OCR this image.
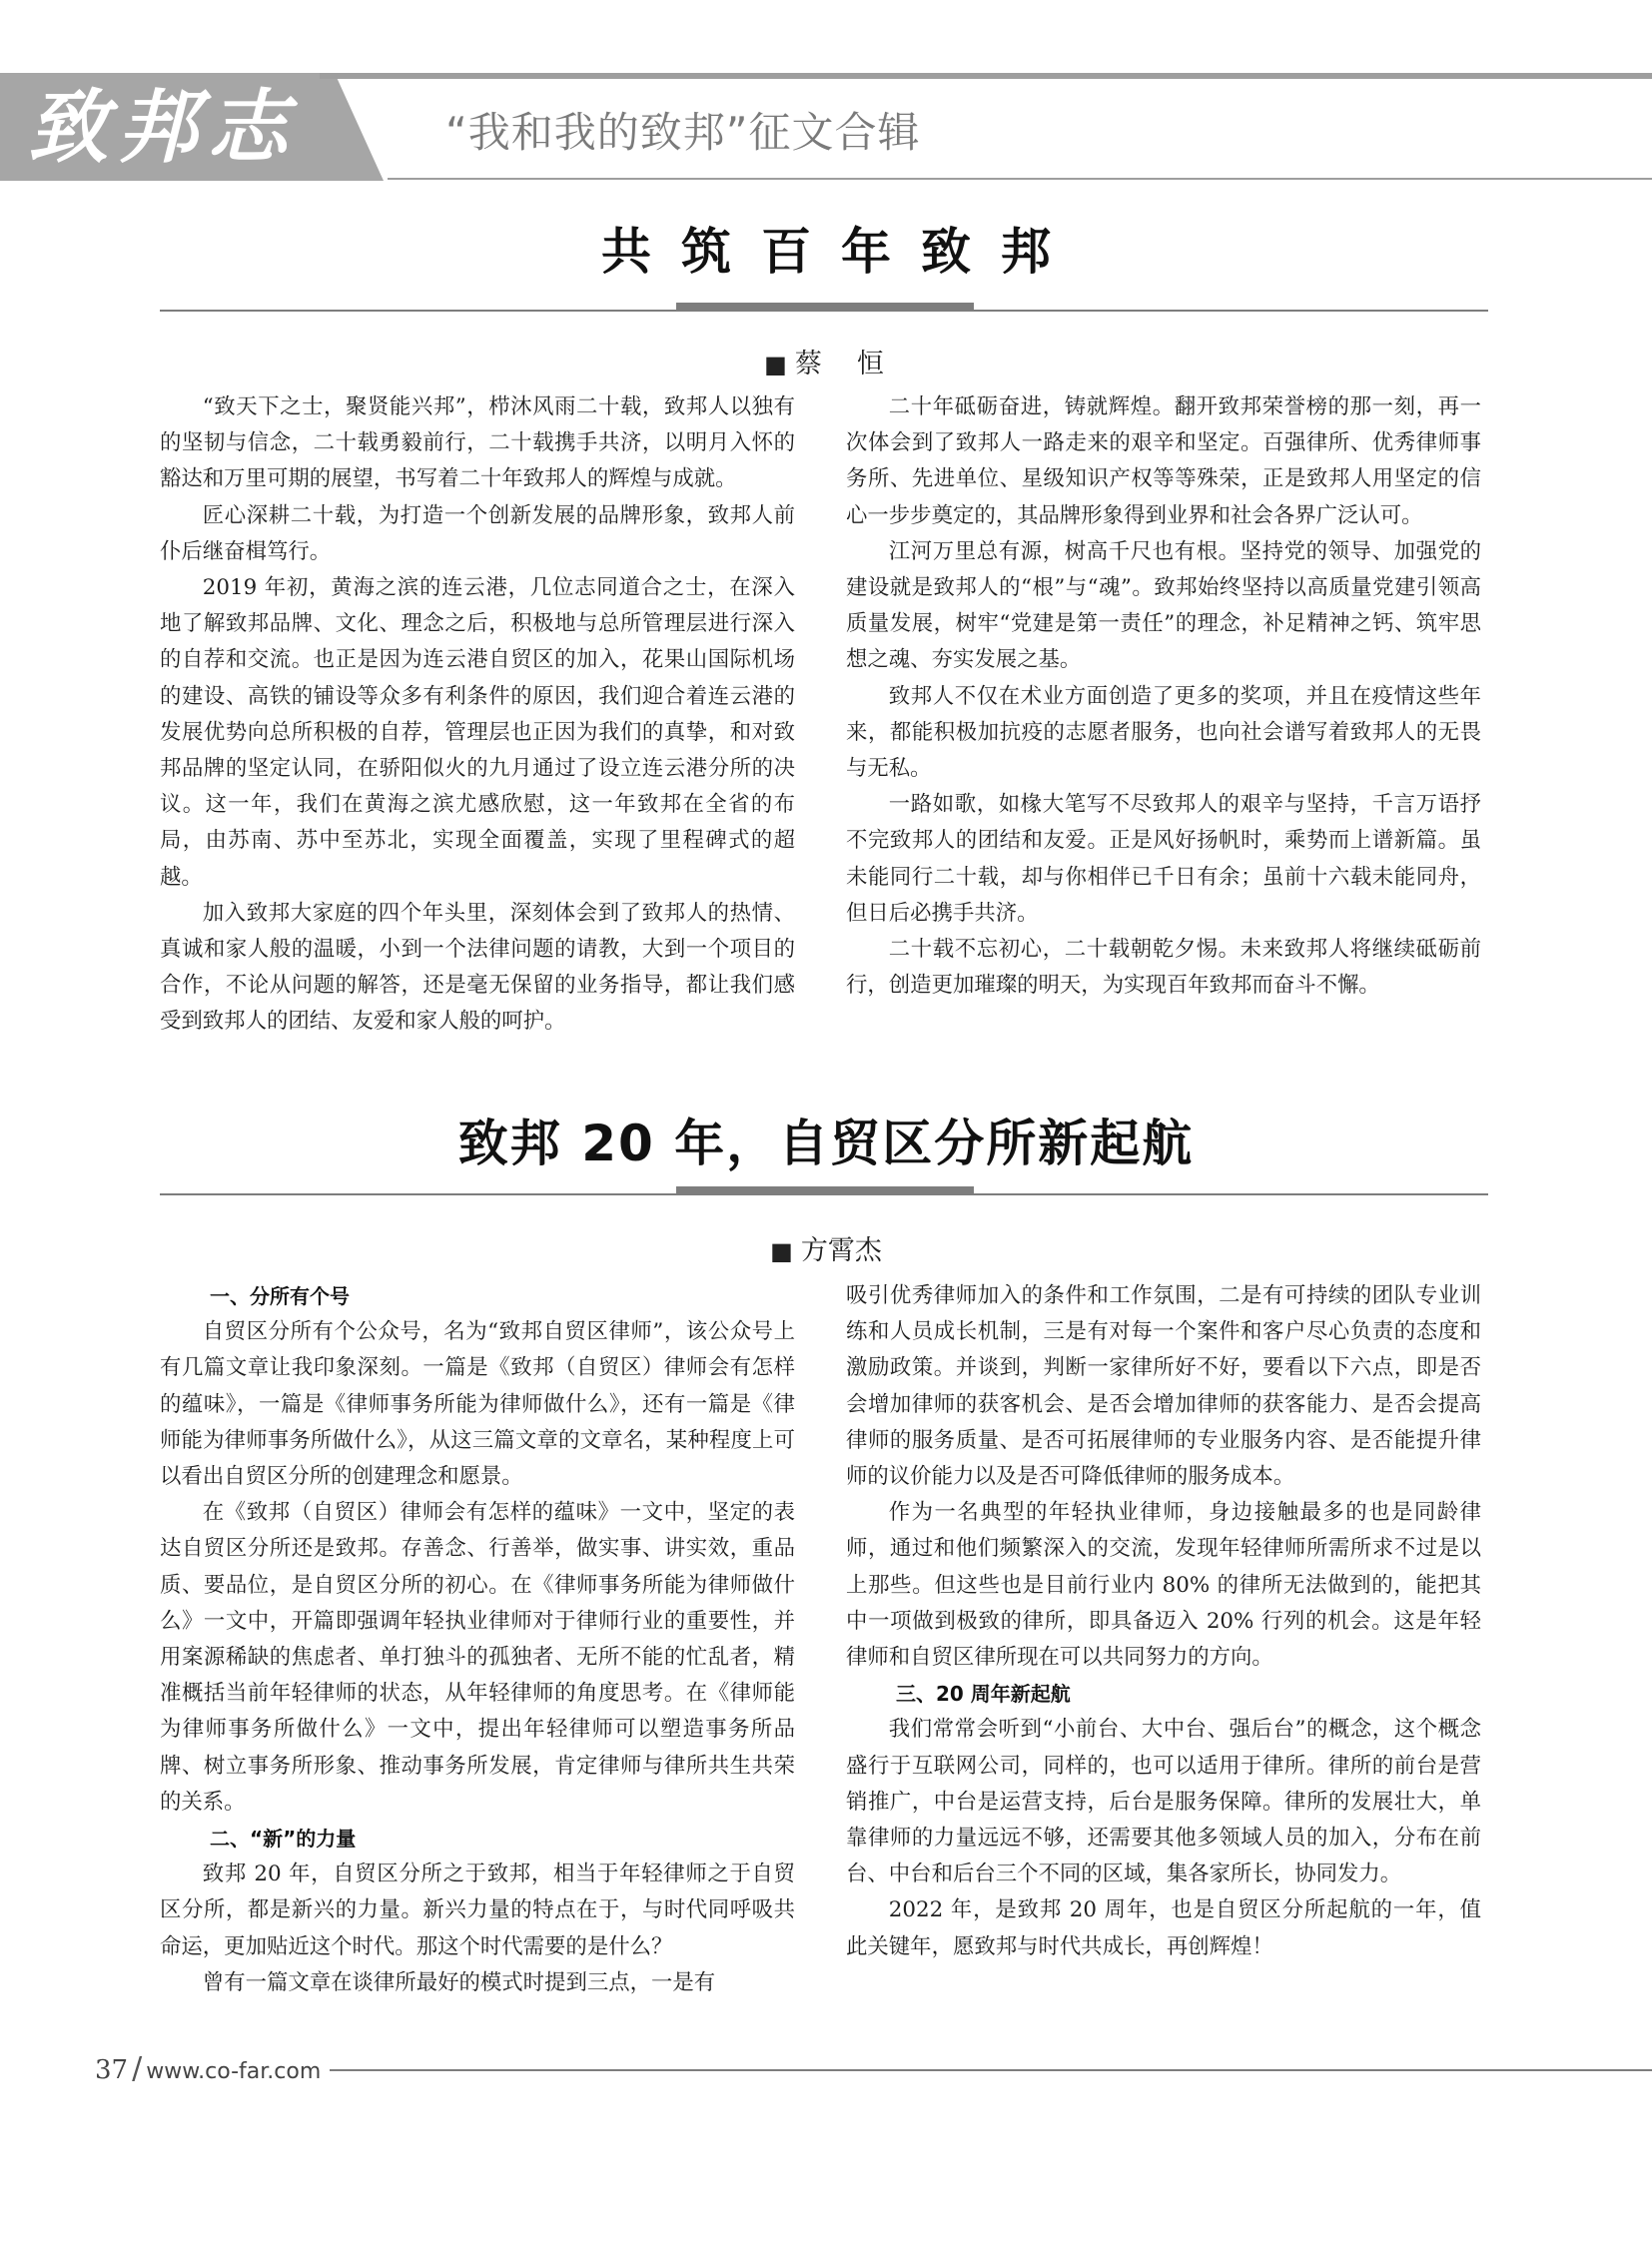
致邦志	“我和我的致邦”征文合辑
共筑百年致邦
■ 蔡　恒

“致天下之士，聚贤能兴邦”，栉沐风雨二十载，致邦人以独有的坚韧与信念，二十载勇毅前行，二十载携手共济，以明月入怀的豁达和万里可期的展望，书写着二十年致邦人的辉煌与成就。

匠心深耕二十载，为打造一个创新发展的品牌形象，致邦人前仆后继奋楫笃行。

2019 年初，黄海之滨的连云港，几位志同道合之士，在深入地了解致邦品牌、文化、理念之后，积极地与总所管理层进行深入的自荐和交流。也正是因为连云港自贸区的加入，花果山国际机场的建设、高铁的铺设等众多有利条件的原因，我们迎合着连云港的发展优势向总所积极的自荐，管理层也正因为我们的真挚，和对致邦品牌的坚定认同，在骄阳似火的九月通过了设立连云港分所的决议。这一年，我们在黄海之滨尤感欣慰，这一年致邦在全省的布局，由苏南、苏中至苏北，实现全面覆盖，实现了里程碑式的超越。

加入致邦大家庭的四个年头里，深刻体会到了致邦人的热情、真诚和家人般的温暖，小到一个法律问题的请教，大到一个项目的合作，不论从问题的解答，还是毫无保留的业务指导，都让我们感受到致邦人的团结、友爱和家人般的呵护。

二十年砥砺奋进，铸就辉煌。翻开致邦荣誉榜的那一刻，再一次体会到了致邦人一路走来的艰辛和坚定。百强律所、优秀律师事务所、先进单位、星级知识产权等等殊荣，正是致邦人用坚定的信心一步步奠定的，其品牌形象得到业界和社会各界广泛认可。

江河万里总有源，树高千尺也有根。坚持党的领导、加强党的建设就是致邦人的“根”与“魂”。致邦始终坚持以高质量党建引领高质量发展，树牢“党建是第一责任”的理念，补足精神之钙、筑牢思想之魂、夯实发展之基。

致邦人不仅在术业方面创造了更多的奖项，并且在疫情这些年来，都能积极加抗疫的志愿者服务，也向社会谱写着致邦人的无畏与无私。

一路如歌，如椽大笔写不尽致邦人的艰辛与坚持，千言万语抒不完致邦人的团结和友爱。正是风好扬帆时，乘势而上谱新篇。虽未能同行二十载，却与你相伴已千日有余；虽前十六载未能同舟，但日后必携手共济。

二十载不忘初心，二十载朝乾夕惕。未来致邦人将继续砥砺前行，创造更加璀璨的明天，为实现百年致邦而奋斗不懈。

致邦 20 年，自贸区分所新起航
■ 方霄杰
一、分所有个号

自贸区分所有个公众号，名为“致邦自贸区律师”，该公众号上有几篇文章让我印象深刻。一篇是《致邦（自贸区）律师会有怎样的蕴味》，一篇是《律师事务所能为律师做什么》，还有一篇是《律师能为律师事务所做什么》，从这三篇文章的文章名，某种程度上可以看出自贸区分所的创建理念和愿景。

在《致邦（自贸区）律师会有怎样的蕴味》一文中，坚定的表达自贸区分所还是致邦。存善念、行善举，做实事、讲实效，重品质、要品位，是自贸区分所的初心。在《律师事务所能为律师做什么》一文中，开篇即强调年轻执业律师对于律师行业的重要性，并用案源稀缺的焦虑者、单打独斗的孤独者、无所不能的忙乱者，精准概括当前年轻律师的状态，从年轻律师的角度思考。在《律师能为律师事务所做什么》一文中，提出年轻律师可以塑造事务所品牌、树立事务所形象、推动事务所发展，肯定律师与律所共生共荣的关系。

二、“新”的力量

致邦 20 年，自贸区分所之于致邦，相当于年轻律师之于自贸区分所，都是新兴的力量。新兴力量的特点在于，与时代同呼吸共命运，更加贴近这个时代。那这个时代需要的是什么？

曾有一篇文章在谈律所最好的模式时提到三点，一是有

吸引优秀律师加入的条件和工作氛围，二是有可持续的团队专业训练和人员成长机制，三是有对每一个案件和客户尽心负责的态度和激励政策。并谈到，判断一家律所好不好，要看以下六点，即是否会增加律师的获客机会、是否会增加律师的获客能力、是否会提高律师的服务质量、是否可拓展律师的专业服务内容、是否能提升律师的议价能力以及是否可降低律师的服务成本。

作为一名典型的年轻执业律师，身边接触最多的也是同龄律师，通过和他们频繁深入的交流，发现年轻律师所需所求不过是以上那些。但这些也是目前行业内 80% 的律所无法做到的，能把其中一项做到极致的律所，即具备迈入 20% 行列的机会。这是年轻律师和自贸区律所现在可以共同努力的方向。

三、20 周年新起航

我们常常会听到“小前台、大中台、强后台”的概念，这个概念盛行于互联网公司，同样的，也可以适用于律所。律所的前台是营销推广，中台是运营支持，后台是服务保障。律所的发展壮大，单靠律师的力量远远不够，还需要其他多领域人员的加入，分布在前台、中台和后台三个不同的区域，集各家所长，协同发力。

2022 年，是致邦 20 周年，也是自贸区分所起航的一年，值此关键年，愿致邦与时代共成长，再创辉煌！

37 / www.co-far.com
